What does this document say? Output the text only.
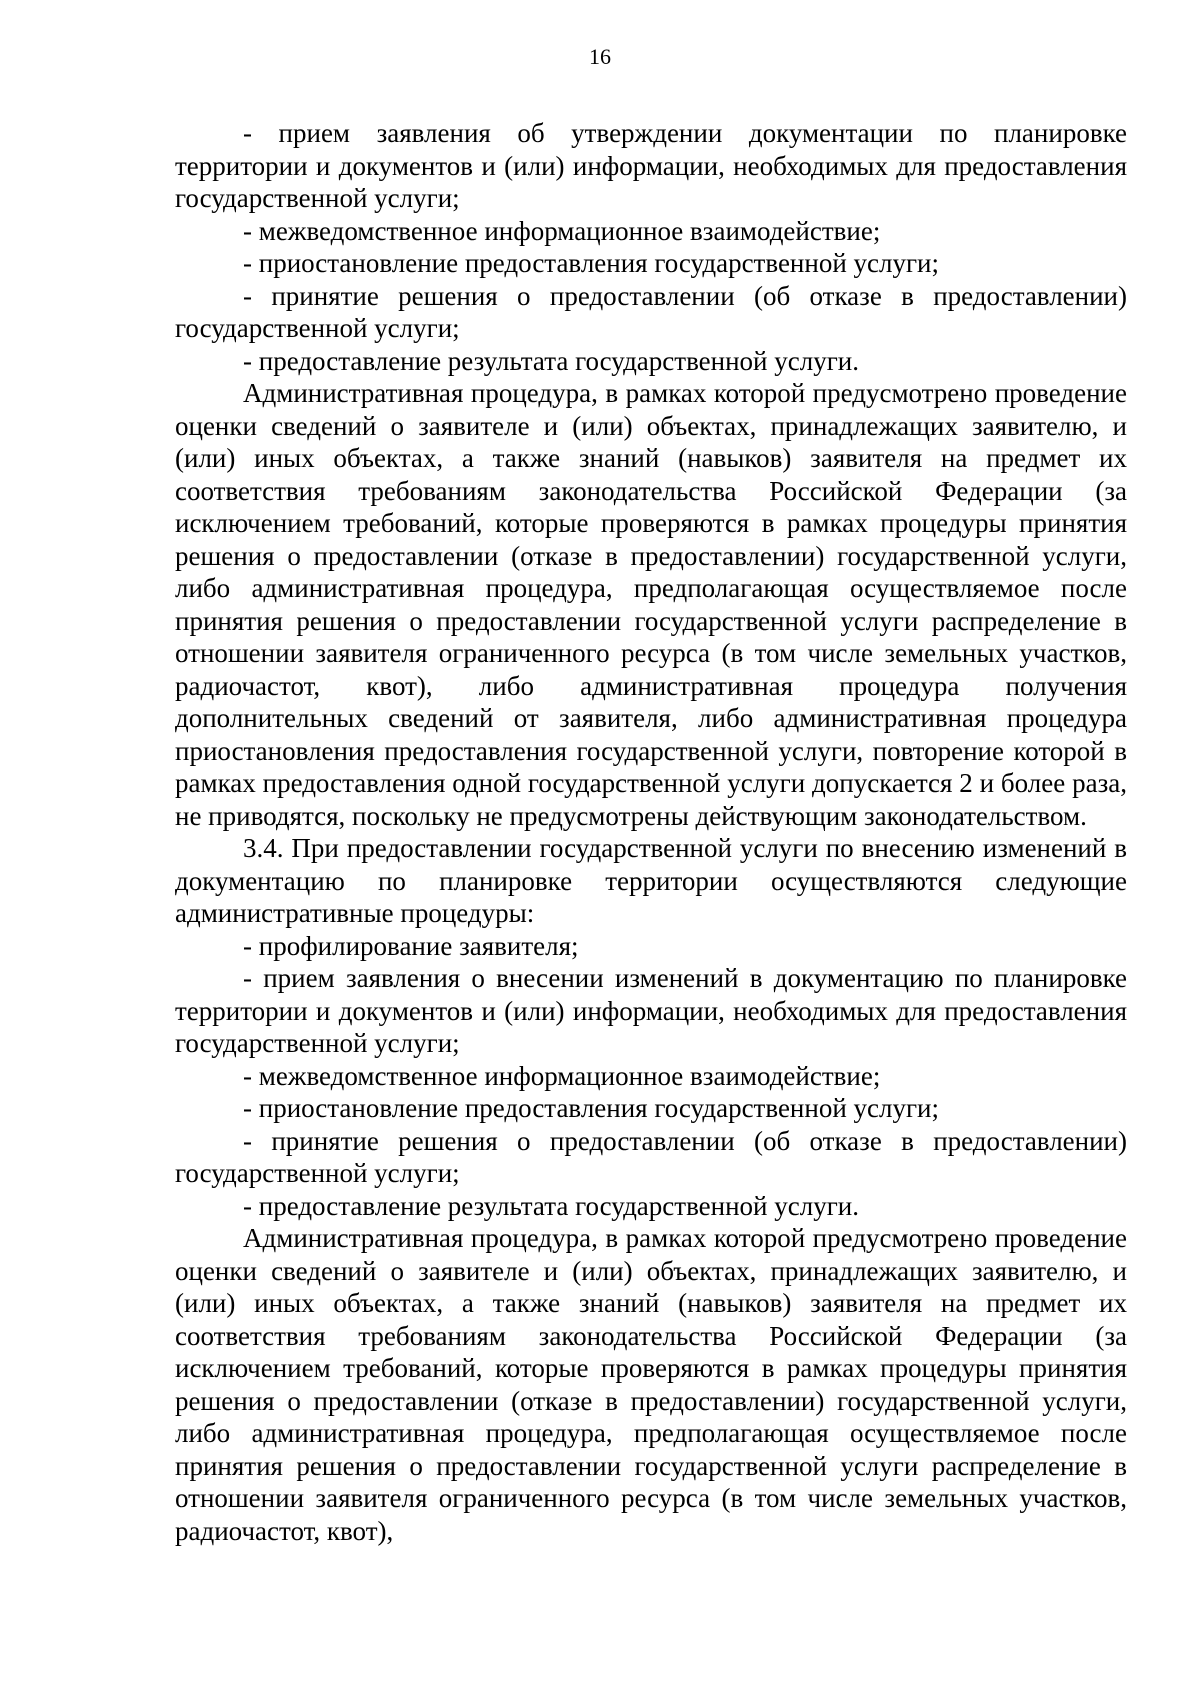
16

- прием заявления об утверждении документации по планировке территории и документов и (или) информации, необходимых для предоставления государственной услуги;

- межведомственное информационное взаимодействие;

- приостановление предоставления государственной услуги;

- принятие решения о предоставлении (об отказе в предоставлении) государственной услуги;

- предоставление результата государственной услуги.

Административная процедура, в рамках которой предусмотрено проведение оценки сведений о заявителе и (или) объектах, принадлежащих заявителю, и (или) иных объектах, а также знаний (навыков) заявителя на предмет их соответствия требованиям законодательства Российской Федерации (за исключением требований, которые проверяются в рамках процедуры принятия решения о предоставлении (отказе в предоставлении) государственной услуги, либо административная процедура, предполагающая осуществляемое после принятия решения о предоставлении государственной услуги распределение в отношении заявителя ограниченного ресурса (в том числе земельных участков, радиочастот, квот), либо административная процедура получения дополнительных сведений от заявителя, либо административная процедура приостановления предоставления государственной услуги, повторение которой в рамках предоставления одной государственной услуги допускается 2 и более раза, не приводятся, поскольку не предусмотрены действующим законодательством.

3.4. При предоставлении государственной услуги по внесению изменений в документацию по планировке территории осуществляются следующие административные процедуры:

- профилирование заявителя;

- прием заявления о внесении изменений в документацию по планировке территории и документов и (или) информации, необходимых для предоставления государственной услуги;

- межведомственное информационное взаимодействие;

- приостановление предоставления государственной услуги;

- принятие решения о предоставлении (об отказе в предоставлении) государственной услуги;

- предоставление результата государственной услуги.

Административная процедура, в рамках которой предусмотрено проведение оценки сведений о заявителе и (или) объектах, принадлежащих заявителю, и (или) иных объектах, а также знаний (навыков) заявителя на предмет их соответствия требованиям законодательства Российской Федерации (за исключением требований, которые проверяются в рамках процедуры принятия решения о предоставлении (отказе в предоставлении) государственной услуги, либо административная процедура, предполагающая осуществляемое после принятия решения о предоставлении государственной услуги распределение в отношении заявителя ограниченного ресурса (в том числе земельных участков, радиочастот, квот),
